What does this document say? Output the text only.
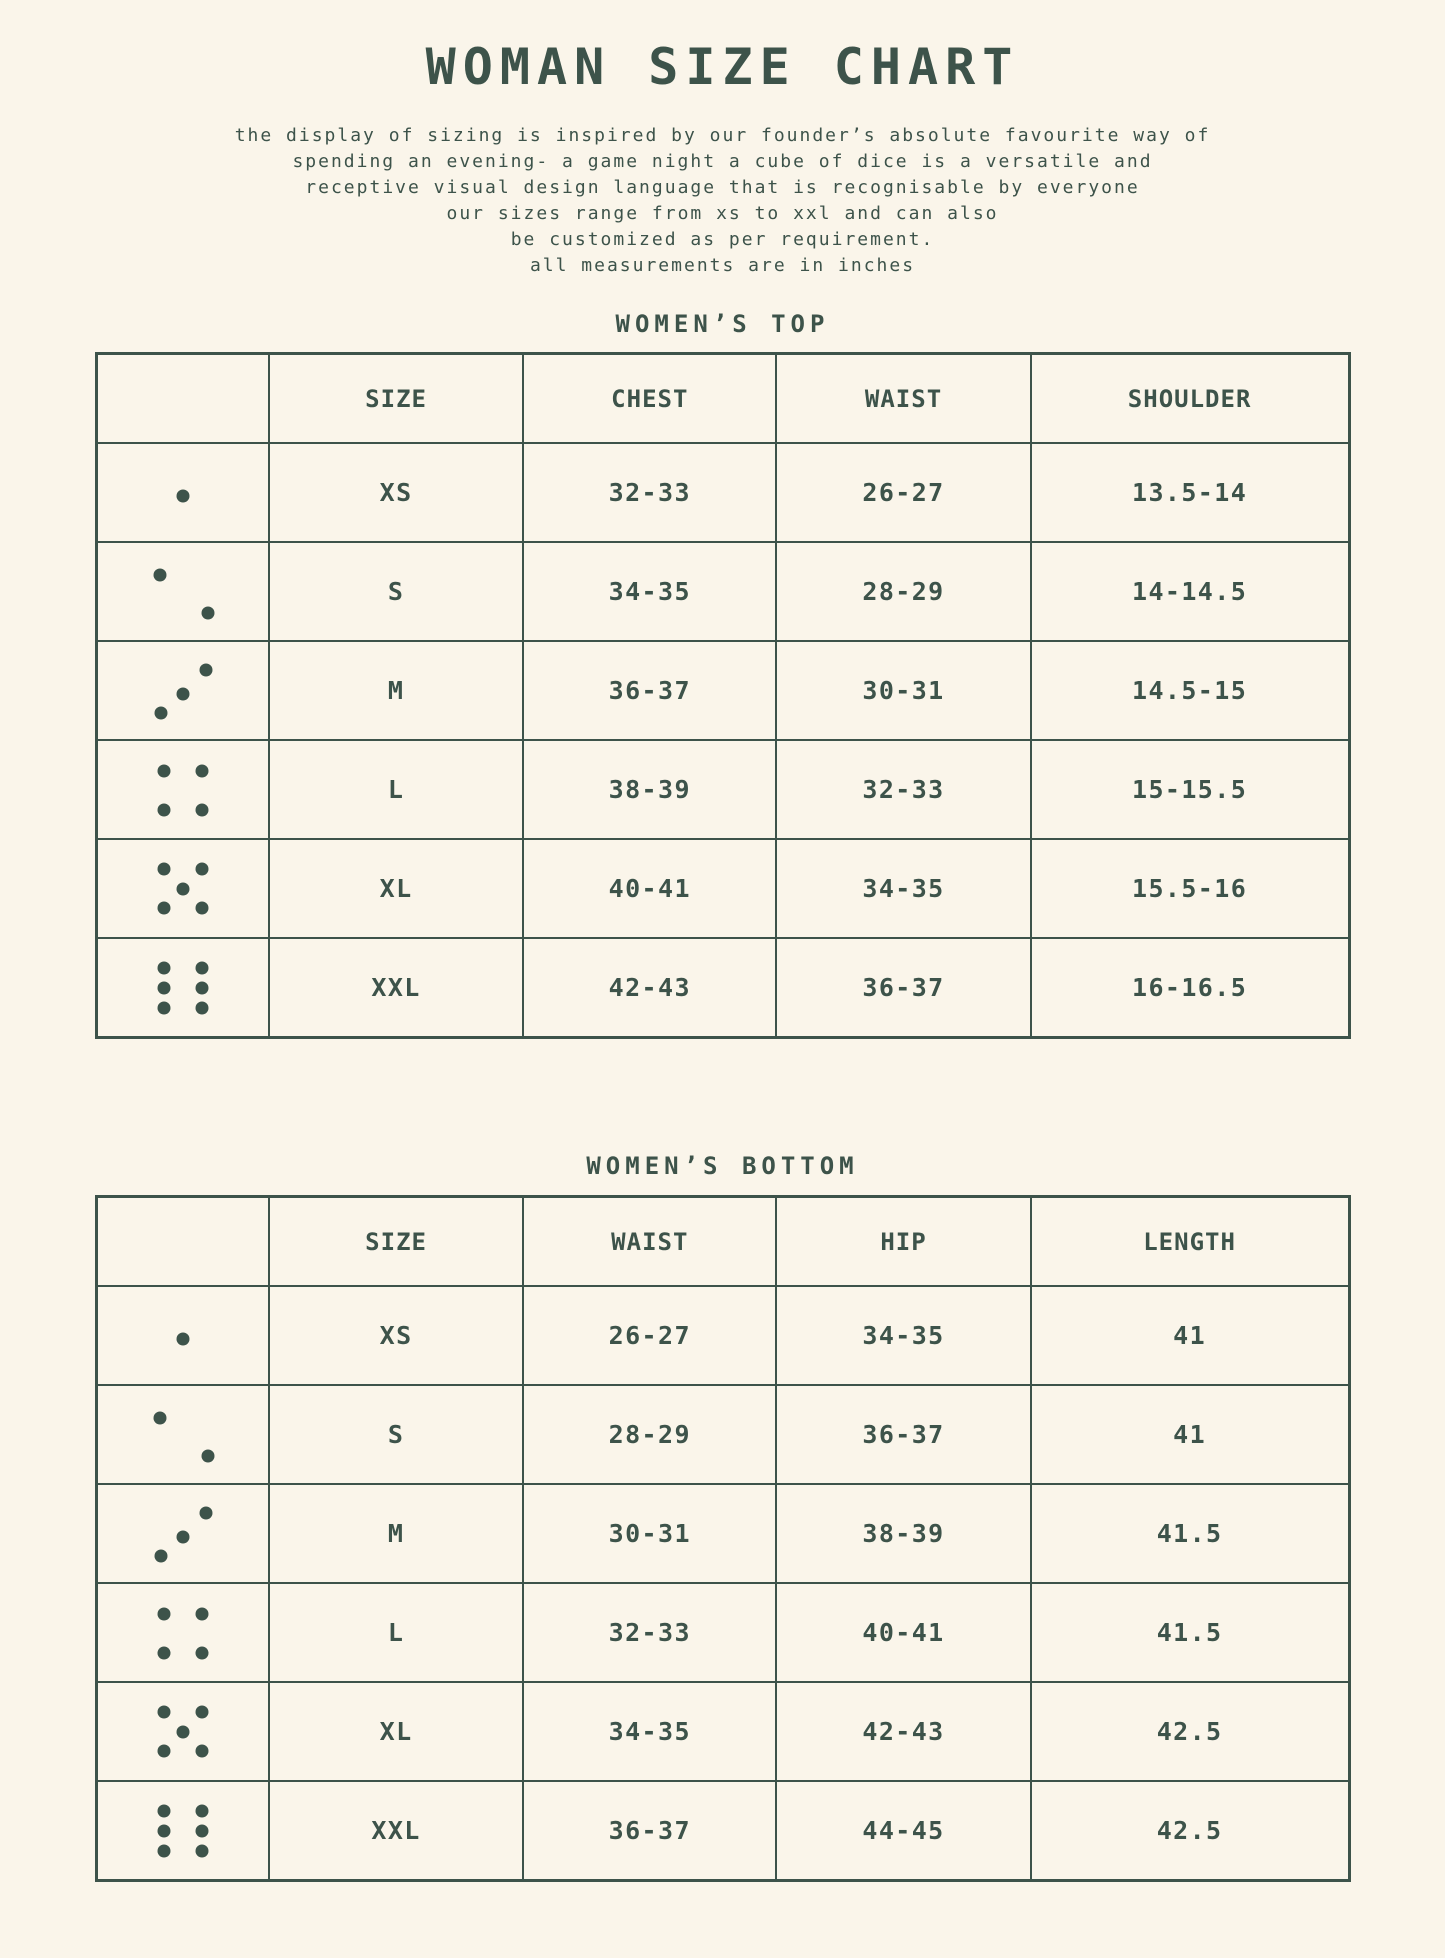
WOMAN SIZE CHART
the display of sizing is inspired by our founder’s absolute favourite way of
spending an evening- a game night a cube of dice is a versatile and
receptive visual design language that is recognisable by everyone
our sizes range from xs to xxl and can also
be customized as per requirement.
all measurements are in inches
WOMEN’S TOP
	SIZE	CHEST	WAIST	SHOULDER

	XS	32-33	26-27	13.5-14

	S	34-35	28-29	14-14.5

	M	36-37	30-31	14.5-15

	L	38-39	32-33	15-15.5

	XL	40-41	34-35	15.5-16

	XXL	42-43	36-37	16-16.5
WOMEN’S BOTTOM
	SIZE	WAIST	HIP	LENGTH

	XS	26-27	34-35	41

	S	28-29	36-37	41

	M	30-31	38-39	41.5

	L	32-33	40-41	41.5

	XL	34-35	42-43	42.5

	XXL	36-37	44-45	42.5
